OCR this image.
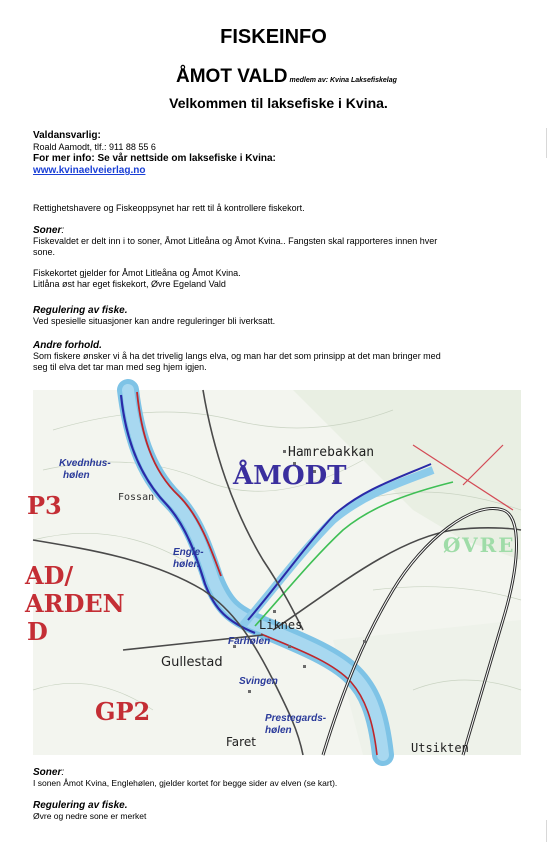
FISKEINFO
ÅMOT VALD medlem av: Kvina Laksefiskelag
Velkommen til laksefiske i Kvina.
Valdansvarlig:
Roald Aamodt, tlf.: 911 88 55 6
For mer info: Se vår nettside om laksefiske i Kvina:
www.kvinaelveierlag.no
Rettighetshavere og Fiskeoppsynet har rett til å kontrollere fiskekort.
Soner:
Fiskevaldet er delt inn i to soner, Åmot Litleåna og Åmot Kvina.. Fangsten skal rapporteres innen hver
sone.
Fiskekortet gjelder for Åmot Litleåna og Åmot Kvina.
Litlåna øst har eget fiskekort, Øvre Egeland Vald
Regulering av fiske.
Ved spesielle situasjoner kan andre reguleringer bli iverksatt.
Andre forhold.
Som fiskere ønsker vi å ha det trivelig langs elva, og man har det som prinsipp at det man bringer med
seg til elva det tar man med seg hjem igjen.
Hamrebakkan
ÅMODT
ØVRE
Kvednhus-
hølen
Fossan
Engle-
hølen
Liknes
Farhølen
Gullestad
Svingen
Prestegards-
hølen
Faret	Utsikten
P3
AD/
ARDEN
D
GP2
Soner:
I sonen Åmot Kvina, Englehølen, gjelder kortet for begge sider av elven (se kart).
Regulering av fiske.
Øvre og nedre sone er merket
